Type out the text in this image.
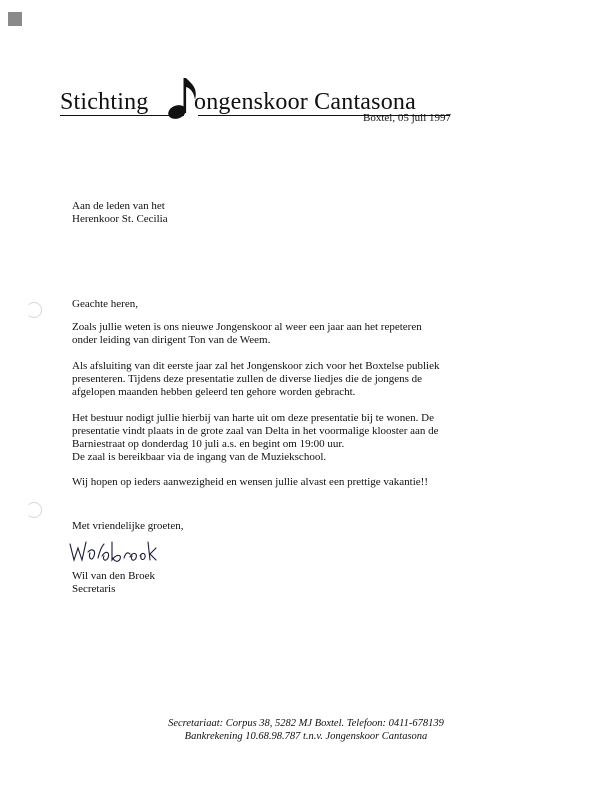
Stichting ongenskoor Cantasona
Boxtel, 05 juli 1997
Aan de leden van het
Herenkoor St. Cecilia
Geachte heren,
Zoals jullie weten is ons nieuwe Jongenskoor al weer een jaar aan het repeteren
onder leiding van dirigent Ton van de Weem.
Als afsluiting van dit eerste jaar zal het Jongenskoor zich voor het Boxtelse publiek
presenteren. Tijdens deze presentatie zullen de diverse liedjes die de jongens de
afgelopen maanden hebben geleerd ten gehore worden gebracht.
Het bestuur nodigt jullie hierbij van harte uit om deze presentatie bij te wonen. De
presentatie vindt plaats in de grote zaal van Delta in het voormalige klooster aan de
Barniestraat op donderdag 10 juli a.s. en begint om 19:00 uur.
De zaal is bereikbaar via de ingang van de Muziekschool.
Wij hopen op ieders aanwezigheid en wensen jullie alvast een prettige vakantie!!
Met vriendelijke groeten,
Wil van den Broek
Secretaris
Secretariaat: Corpus 38, 5282 MJ Boxtel. Telefoon: 0411-678139
Bankrekening 10.68.98.787 t.n.v. Jongenskoor Cantasona
